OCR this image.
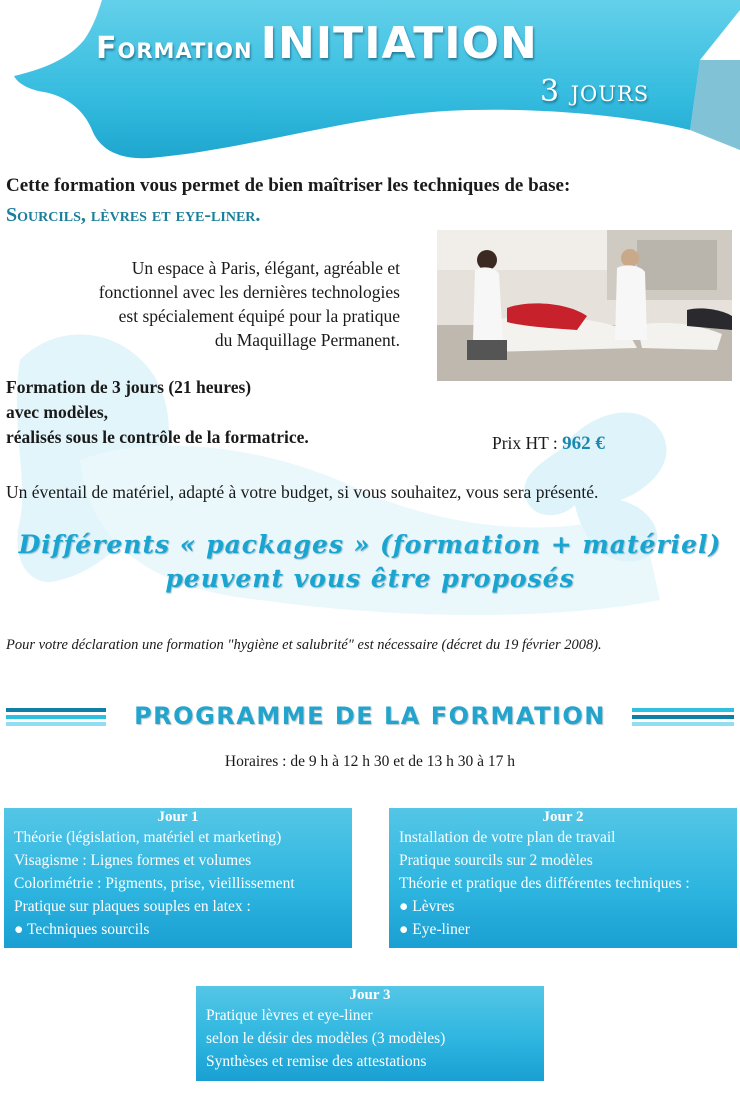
Formation INITIATION
3 jours
Cette formation vous permet de bien maîtriser les techniques de base:
Sourcils, lèvres et eye-liner.
Un espace à Paris, élégant, agréable et
fonctionnel avec les dernières technologies
est spécialement équipé pour la pratique
du Maquillage Permanent.
Formation de 3 jours (21 heures)
avec modèles,
réalisés sous le contrôle de la formatrice.	Prix HT : 962 €
Un éventail de matériel, adapté à votre budget, si vous souhaitez, vous sera présenté.
Différents « packages » (formation + matériel)
peuvent vous être proposés
Pour votre déclaration une formation "hygiène et salubrité" est nécessaire (décret du 19 février 2008).
PROGRAMME DE LA FORMATION
Horaires : de 9 h à 12 h 30 et de 13 h 30 à 17 h
Jour 1
Théorie (législation, matériel et marketing)
Visagisme : Lignes formes et volumes
Colorimétrie : Pigments, prise, vieillissement
Pratique sur plaques souples en latex :
● Techniques sourcils
Jour 2
Installation de votre plan de travail
Pratique sourcils sur 2 modèles
Théorie et pratique des différentes techniques :
● Lèvres
● Eye-liner
Jour 3
Pratique lèvres et eye-liner
selon le désir des modèles (3 modèles)
Synthèses et remise des attestations
